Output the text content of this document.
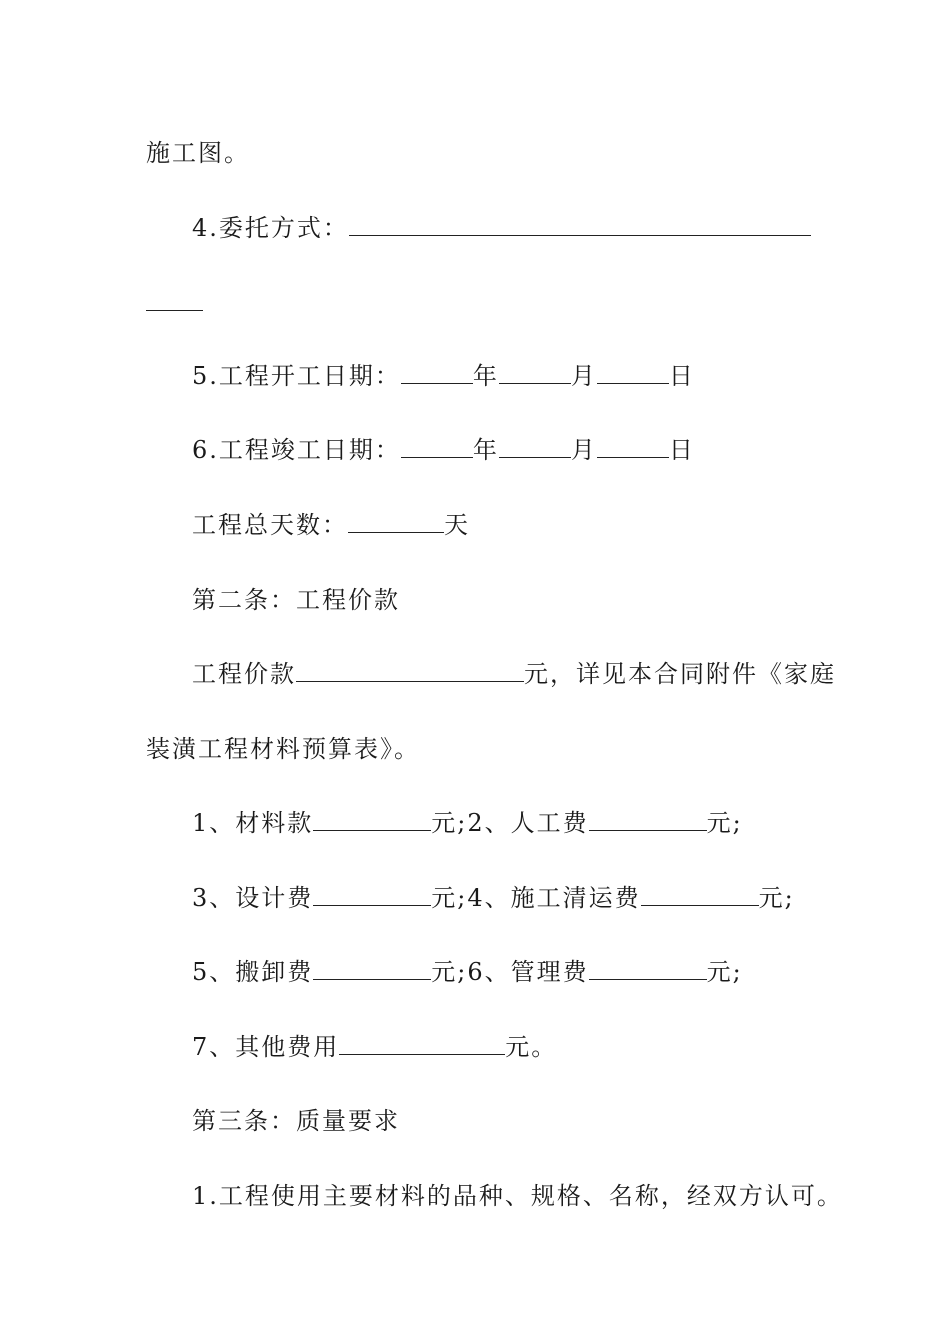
施工图。
4.委托方式：
5.工程开工日期：	年	月	日
6.工程竣工日期：	年	月	日
工程总天数：	天
第二条：工程价款
工程价款	元，详见本合同附件《家庭
装潢工程材料预算表》。
1、材料款	元;2、人工费	元;
3、设计费	元;4、施工清运费	元;
5、搬卸费	元;6、管理费	元;
7、其他费用	元。
第三条：质量要求
1.工程使用主要材料的品种、规格、名称，经双方认可。
